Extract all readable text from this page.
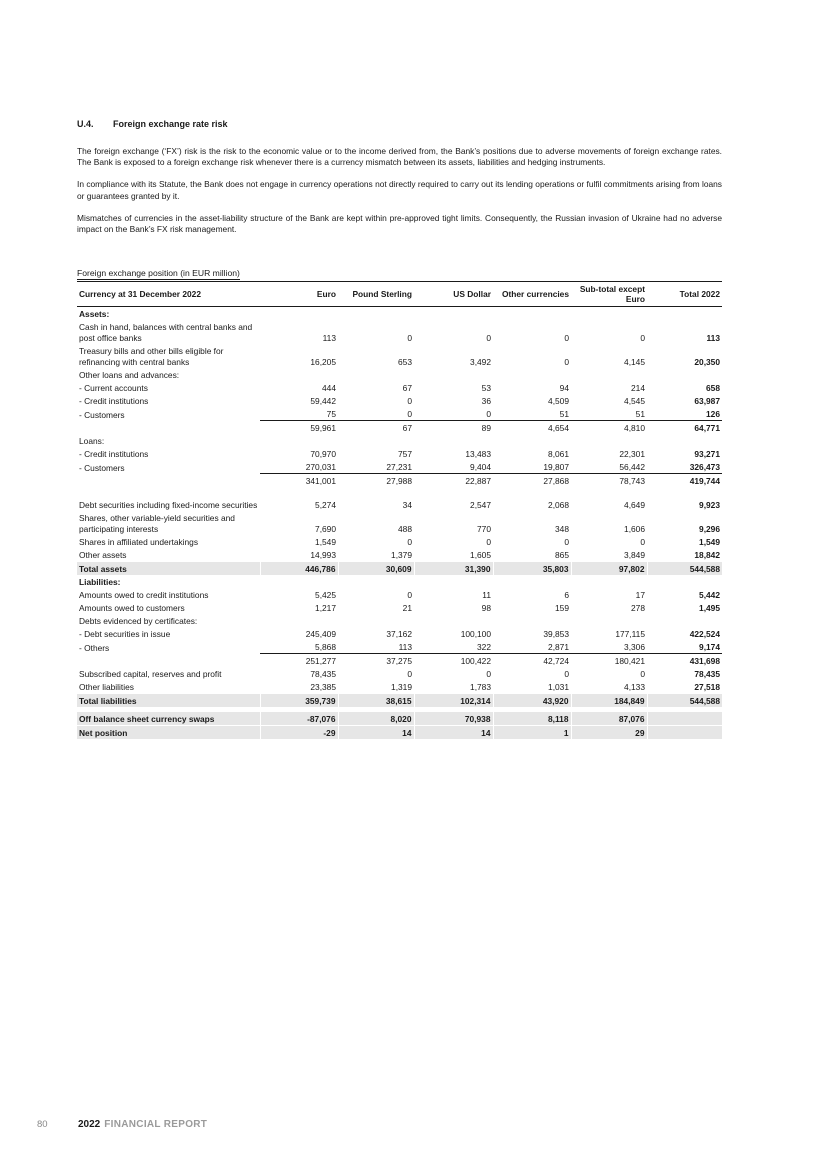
U.4.	Foreign exchange rate risk

The foreign exchange (‘FX’) risk is the risk to the economic value or to the income derived from, the Bank’s positions due to adverse movements of foreign exchange rates. The Bank is exposed to a foreign exchange risk whenever there is a currency mismatch between its assets, liabilities and hedging instruments.

In compliance with its Statute, the Bank does not engage in currency operations not directly required to carry out its lending operations or fulfil commitments arising from loans or guarantees granted by it.

Mismatches of currencies in the asset-liability structure of the Bank are kept within pre-approved tight limits. Consequently, the Russian invasion of Ukraine had no adverse impact on the Bank’s FX risk management.

Foreign exchange position (in EUR million)
Currency at 31 December 2022	Euro	Pound Sterling	US Dollar	Other currencies	Sub-total except Euro	Total 2022

Assets:	

Cash in hand, balances with central banks and post office banks	113	0	0	0	0	113

Treasury bills and other bills eligible for refinancing with central banks	16,205	653	3,492	0	4,145	20,350

Other loans and advances:	

- Current accounts	444	67	53	94	214	658

- Credit institutions	59,442	0	36	4,509	4,545	63,987

- Customers	75	0	0	51	51	126

	59,961	67	89	4,654	4,810	64,771

Loans:	

- Credit institutions	70,970	757	13,483	8,061	22,301	93,271

- Customers	270,031	27,231	9,404	19,807	56,442	326,473

	341,001	27,988	22,887	27,868	78,743	419,744

Debt securities including fixed-income securities	5,274	34	2,547	2,068	4,649	9,923

Shares, other variable-yield securities and participating interests	7,690	488	770	348	1,606	9,296

Shares in affiliated undertakings	1,549	0	0	0	0	1,549

Other assets	14,993	1,379	1,605	865	3,849	18,842

Total assets	446,786	30,609	31,390	35,803	97,802	544,588

Liabilities:	

Amounts owed to credit institutions	5,425	0	11	6	17	5,442

Amounts owed to customers	1,217	21	98	159	278	1,495

Debts evidenced by certificates:	

- Debt securities in issue	245,409	37,162	100,100	39,853	177,115	422,524

- Others	5,868	113	322	2,871	3,306	9,174

	251,277	37,275	100,422	42,724	180,421	431,698

Subscribed capital, reserves and profit	78,435	0	0	0	0	78,435

Other liabilities	23,385	1,319	1,783	1,031	4,133	27,518

Total liabilities	359,739	38,615	102,314	43,920	184,849	544,588

Off balance sheet currency swaps	-87,076	8,020	70,938	8,118	87,076	

Net position	-29	14	14	1	29	

80	2022 FINANCIAL REPORT
